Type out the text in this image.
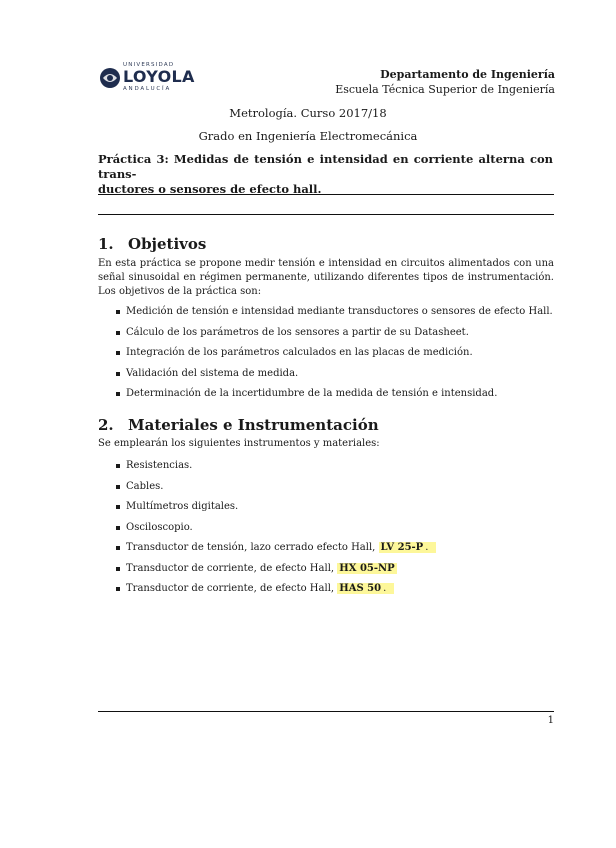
UNIVERSIDAD
LOYOLA
ANDALUCÍA
Departamento de Ingeniería
Escuela Técnica Superior de Ingeniería
Metrología. Curso 2017/18
Grado en Ingeniería Electromecánica
Práctica 3: Medidas de tensión e intensidad en corriente alterna con trans-
ductores o sensores de efecto hall.
1. Objetivos
En esta práctica se propone medir tensión e intensidad en circuitos alimentados con una señal sinusoidal en régimen permanente, utilizando diferentes tipos de instrumentación. Los objetivos de la práctica son:
Medición de tensión e intensidad mediante transductores o sensores de efecto Hall.
Cálculo de los parámetros de los sensores a partir de su Datasheet.
Integración de los parámetros calculados en las placas de medición.
Validación del sistema de medida.
Determinación de la incertidumbre de la medida de tensión e intensidad.
2. Materiales e Instrumentación
Se emplearán los siguientes instrumentos y materiales:
Resistencias.
Cables.
Multímetros digitales.
Osciloscopio.
Transductor de tensión, lazo cerrado efecto Hall, LV 25-P .
Transductor de corriente, de efecto Hall, HX 05-NP
Transductor de corriente, de efecto Hall, HAS 50 .
1
